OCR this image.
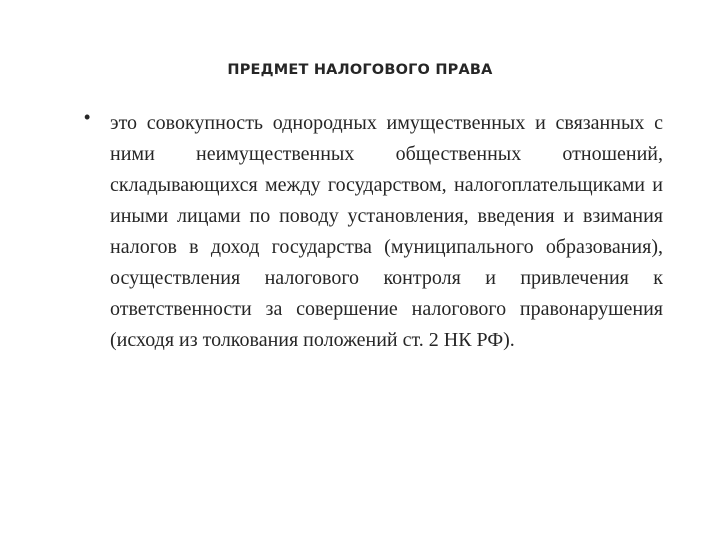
ПРЕДМЕТ НАЛОГОВОГО ПРАВА
• это совокупность однородных имущественных и связанных с ними неимущественных общественных отношений, складывающихся между государством, налогоплательщиками и иными лицами по поводу установления, введения и взимания налогов в доход государства (муниципального образования), осуществления налогового контроля и привлечения к ответственности за совершение налогового правонарушения (исходя из толкования положений ст. 2 НК РФ).
